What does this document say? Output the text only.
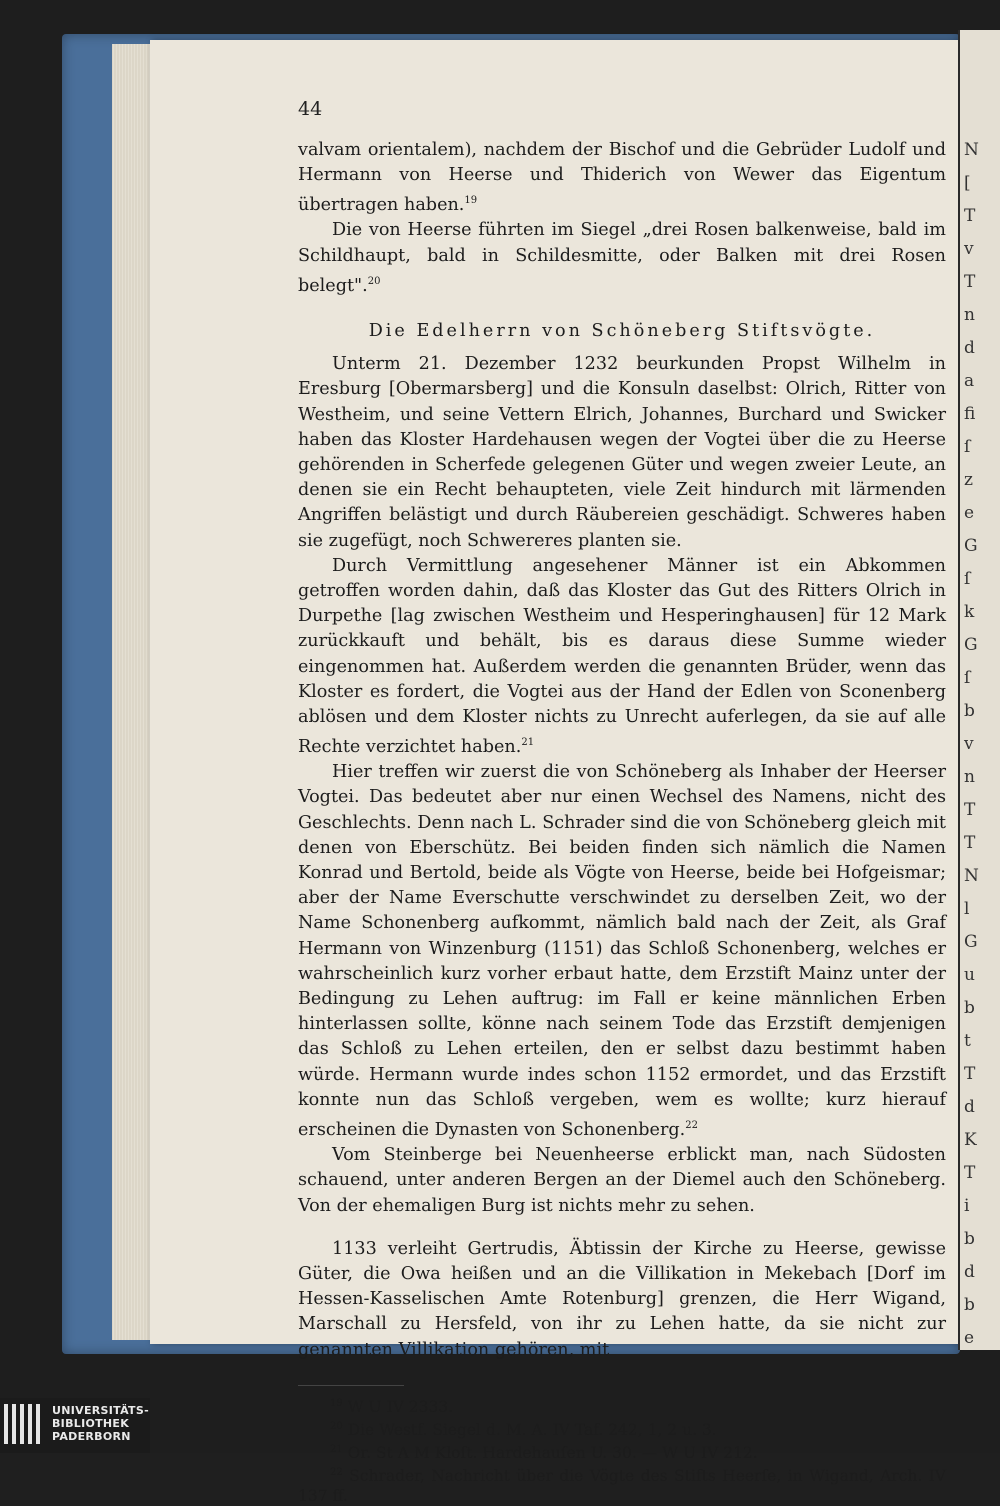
N
[
T
v
T
n
d
a
fi
ſ
z
e
G
ſ
k
G
ſ
b
v
n
T
T
N
l
G
u
b
t
T
d
K
T
i
b
d
b
e
44

valvam orientalem), nachdem der Bischof und die Gebrüder Ludolf und Hermann von Heerse und Thiderich von Wewer das Eigentum übertragen haben.$^{19}$

Die von Heerse führten im Siegel „drei Rosen balkenweise, bald im Schildhaupt, bald in Schildesmitte, oder Balken mit drei Rosen belegt".$^{20}$

Die Edelherrn von Schöneberg Stiftsvögte.

Unterm 21. Dezember 1232 beurkunden Propst Wilhelm in Eresburg [Obermarsberg] und die Konsuln daselbst: Olrich, Ritter von Westheim, und seine Vettern Elrich, Johannes, Burchard und Swicker haben das Kloster Hardehausen wegen der Vogtei über die zu Heerse gehörenden in Scherfede gelegenen Güter und wegen zweier Leute, an denen sie ein Recht behaupteten, viele Zeit hindurch mit lärmenden Angriffen belästigt und durch Räubereien geschädigt. Schweres haben sie zugefügt, noch Schwereres planten sie.

Durch Vermittlung angesehener Männer ist ein Abkommen getroffen worden dahin, daß das Kloster das Gut des Ritters Olrich in Durpethe [lag zwischen Westheim und Hesperinghausen] für 12 Mark zurückkauft und behält, bis es daraus diese Summe wieder eingenommen hat. Außerdem werden die genannten Brüder, wenn das Kloster es fordert, die Vogtei aus der Hand der Edlen von Sconenberg ablösen und dem Kloster nichts zu Unrecht auferlegen, da sie auf alle Rechte verzichtet haben.$^{21}$

Hier treffen wir zuerst die von Schöneberg als Inhaber der Heerser Vogtei. Das bedeutet aber nur einen Wechsel des Namens, nicht des Geschlechts. Denn nach L. Schrader sind die von Schöneberg gleich mit denen von Eberschütz. Bei beiden finden sich nämlich die Namen Konrad und Bertold, beide als Vögte von Heerse, beide bei Hofgeismar; aber der Name Everschutte verschwindet zu derselben Zeit, wo der Name Schonenberg aufkommt, nämlich bald nach der Zeit, als Graf Hermann von Winzenburg (1151) das Schloß Schonenberg, welches er wahrscheinlich kurz vorher erbaut hatte, dem Erzstift Mainz unter der Bedingung zu Lehen auftrug: im Fall er keine männlichen Erben hinterlassen sollte, könne nach seinem Tode das Erzstift demjenigen das Schloß zu Lehen erteilen, den er selbst dazu bestimmt haben würde. Hermann wurde indes schon 1152 ermordet, und das Erzstift konnte nun das Schloß vergeben, wem es wollte; kurz hierauf erscheinen die Dynasten von Schonenberg.$^{22}$

Vom Steinberge bei Neuenheerse erblickt man, nach Südosten schauend, unter anderen Bergen an der Diemel auch den Schöneberg. Von der ehemaligen Burg ist nichts mehr zu sehen.

1133 verleiht Gertrudis, Äbtissin der Kirche zu Heerse, gewisse Güter, die Owa heißen und an die Villikation in Mekebach [Dorf im Hessen-Kasselischen Amte Rotenburg] grenzen, die Herr Wigand, Marschall zu Hersfeld, von ihr zu Lehen hatte, da sie nicht zur genannten Villikation gehören, mit

$^{19}$ W U IV 2333.

$^{20}$ Die Westf. Siegel d. M. A. IV Taf. 242, 1, 2 u. 3.

$^{21}$ Or. St A M Kloſt. Hardehauſen U. 30. — W U IV 212.

$^{22}$ Schrader, Nachricht über die Vögte des Stifts Heerſe, in Wigand, Arch. IV 137 ff.

UNIVERSITÄTS-
BIBLIOTHEK
PADERBORN
